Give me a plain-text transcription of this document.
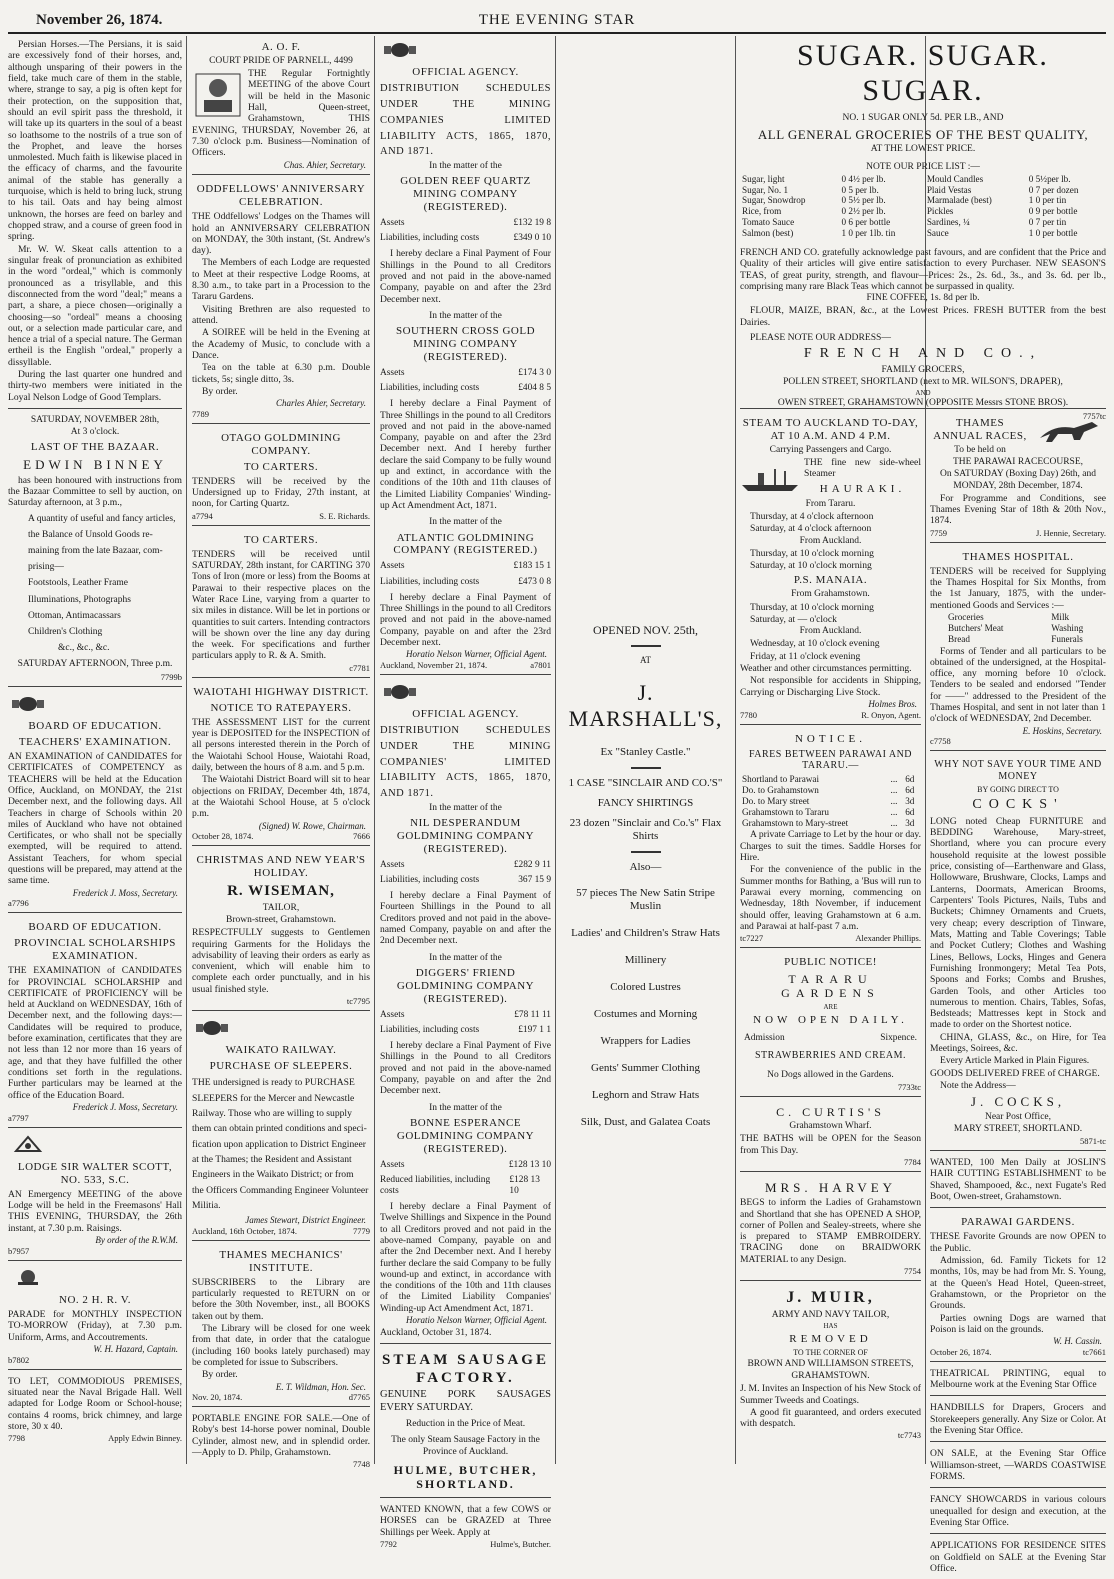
November 26, 1874.	THE EVENING STAR

Persian Horses.—The Persians, it is said are excessively fond of their horses, and, although unsparing of their powers in the field, take much care of them in the stable, where, strange to say, a pig is often kept for their protection, on the supposition that, should an evil spirit pass the threshold, it will take up its quarters in the soul of a beast so loathsome to the nostrils of a true son of the Prophet, and leave the horses unmolested. Much faith is likewise placed in the efficacy of charms, and the favourite animal of the stable has generally a turquoise, which is held to bring luck, strung to his tail. Oats and hay being almost unknown, the horses are feed on barley and chopped straw, and a course of green food in spring.

Mr. W. W. Skeat calls attention to a singular freak of pronunciation as exhibited in the word "ordeal," which is commonly pronounced as a trisyllable, and this disconnected from the word "deal;" means a part, a share, a piece chosen—originally a choosing—so "ordeal" means a choosing out, or a selection made particular care, and hence a trial of a special nature. The German ertheil is the English "ordeal," properly a dissyllable.

During the last quarter one hundred and thirty-two members were initiated in the Loyal Nelson Lodge of Good Templars.

SATURDAY, NOVEMBER 28th,
At 3 o'clock.
LAST OF THE BAZAAR.
EDWIN BINNEY

has been honoured with instructions from the Bazaar Committee to sell by auction, on Saturday afternoon, at 3 p.m.,

A quantity of useful and fancy articles,
the Balance of Unsold Goods re-
maining from the late Bazaar, com-
prising—
Footstools, Leather Frame
Illuminations, Photographs
Ottoman, Antimacassars
Children's Clothing
&c., &c., &c.
SATURDAY AFTERNOON, Three p.m.
7799b
BOARD OF EDUCATION.
TEACHERS' EXAMINATION.

AN EXAMINATION of CANDIDATES for CERTIFICATES of COMPETENCY as TEACHERS will be held at the Education Office, Auckland, on MONDAY, the 21st December next, and the following days. All Teachers in charge of Schools within 20 miles of Auckland who have not obtained Certificates, or who shall not be specially exempted, will be required to attend. Assistant Teachers, for whom special questions will be prepared, may attend at the same time.

Frederick J. Moss, Secretary.
a7796
BOARD OF EDUCATION.
PROVINCIAL SCHOLARSHIPS EXAMINATION.

THE EXAMINATION of CANDIDATES for PROVINCIAL SCHOLARSHIP and CERTIFICATE of PROFICIENCY will be held at Auckland on WEDNESDAY, 16th of December next, and the following days:—Candidates will be required to produce, before examination, certificates that they are not less than 12 nor more than 16 years of age, and that they have fulfilled the other conditions set forth in the regulations. Further particulars may be learned at the office of the Education Board.

Frederick J. Moss, Secretary.
a7797
LODGE SIR WALTER SCOTT, NO. 533, S.C.

AN Emergency MEETING of the above Lodge will be held in the Freemasons' Hall THIS EVENING, THURSDAY, the 26th instant, at 7.30 p.m. Raisings.

By order of the R.W.M.
b7957
NO. 2 H. R. V.

PARADE for MONTHLY INSPECTION TO-MORROW (Friday), at 7.30 p.m. Uniform, Arms, and Accoutrements.

W. H. Hazard, Captain.
b7802

TO LET, COMMODIOUS PREMISES, situated near the Naval Brigade Hall. Well adapted for Lodge Room or School-house; contains 4 rooms, brick chimney, and large store, 30 x 40.

7798	Apply Edwin Binney.
A. O. F.
COURT PRIDE OF PARNELL, 4499

THE Regular Fortnightly MEETING of the above Court will be held in the Masonic Hall, Queen-street, Grahamstown, THIS EVENING, THURSDAY, November 26, at 7.30 o'clock p.m. Business—Nomination of Officers.

Chas. Ahier, Secretary.
ODDFELLOWS' ANNIVERSARY CELEBRATION.

THE Oddfellows' Lodges on the Thames will hold an ANNIVERSARY CELEBRATION on MONDAY, the 30th instant, (St. Andrew's day).

The Members of each Lodge are requested to Meet at their respective Lodge Rooms, at 8.30 a.m., to take part in a Procession to the Tararu Gardens.

Visiting Brethren are also requested to attend.

A SOIREE will be held in the Evening at the Academy of Music, to conclude with a Dance.

Tea on the table at 6.30 p.m. Double tickets, 5s; single ditto, 3s.

By order.
Charles Ahier, Secretary.
7789
OTAGO GOLDMINING COMPANY.
TO CARTERS.

TENDERS will be received by the Undersigned up to Friday, 27th instant, at noon, for Carting Quartz.

a7794	S. E. Richards.
TO CARTERS.

TENDERS will be received until SATURDAY, 28th instant, for CARTING 370 Tons of Iron (more or less) from the Booms at Parawai to their respective places on the Water Race Line, varying from a quarter to six miles in distance. Will be let in portions or quantities to suit carters. Intending contractors will be shown over the line any day during the week. For specifications and further particulars apply to R. & A. Smith.

c7781
WAIOTAHI HIGHWAY DISTRICT.
NOTICE TO RATEPAYERS.

THE ASSESSMENT LIST for the current year is DEPOSITED for the INSPECTION of all persons interested therein in the Porch of the Waiotahi School House, Waiotahi Road, daily, between the hours of 8 a.m. and 5 p.m.

The Waiotahi District Board will sit to hear objections on FRIDAY, December 4th, 1874, at the Waiotahi School House, at 5 o'clock p.m.

(Signed) W. Rowe, Chairman.
October 28, 1874.	7666
CHRISTMAS AND NEW YEAR'S HOLIDAY.
R. WISEMAN,
TAILOR,
Brown-street, Grahamstown.

RESPECTFULLY suggests to Gentlemen requiring Garments for the Holidays the advisability of leaving their orders as early as convenient, which will enable him to complete each order punctually, and in his usual finished style.

tc7795
WAIKATO RAILWAY.
PURCHASE OF SLEEPERS.
THE undersigned is ready to PURCHASE
SLEEPERS for the Mercer and Newcastle
Railway. Those who are willing to supply
them can obtain printed conditions and speci-
fication upon application to District Engineer
at the Thames; the Resident and Assistant
Engineers in the Waikato District; or from
the Officers Commanding Engineer Volunteer
Militia.
James Stewart, District Engineer.
Auckland, 16th October, 1874.	7779
THAMES MECHANICS' INSTITUTE.

SUBSCRIBERS to the Library are particularly requested to RETURN on or before the 30th November, inst., all BOOKS taken out by them.

The Library will be closed for one week from that date, in order that the catalogue (including 160 books lately purchased) may be completed for issue to Subscribers.

By order.
E. T. Wildman, Hon. Sec.
Nov. 20, 1874.	d7765

PORTABLE ENGINE FOR SALE.—One of Roby's best 14-horse power nominal, Double Cylinder, almost new, and in splendid order.—Apply to D. Philp, Grahamstown.

7748
OFFICIAL AGENCY.

DISTRIBUTION SCHEDULES UNDER THE MINING COMPANIES LIMITED LIABILITY ACTS, 1865, 1870, AND 1871.

In the matter of the
GOLDEN REEF QUARTZ MINING COMPANY (REGISTERED).
Assets	£132 19 8
Liabilities, including costs	£349 0 10

I hereby declare a Final Payment of Four Shillings in the Pound to all Creditors proved and not paid in the above-named Company, payable on and after the 23rd December next.

In the matter of the
SOUTHERN CROSS GOLD MINING COMPANY (REGISTERED).
Assets	£174 3 0
Liabilities, including costs	£404 8 5

I hereby declare a Final Payment of Three Shillings in the pound to all Creditors proved and not paid in the above-named Company, payable on and after the 23rd December next. And I hereby further declare the said Company to be fully wound up and extinct, in accordance with the conditions of the 10th and 11th clauses of the Limited Liability Companies' Winding-up Act Amendment Act, 1871.

In the matter of the
ATLANTIC GOLDMINING COMPANY (REGISTERED.)
Assets	£183 15 1
Liabilities, including costs	£473 0 8

I hereby declare a Final Payment of Three Shillings in the pound to all Creditors proved and not paid in the above-named Company, payable on and after the 23rd December next.

Horatio Nelson Warner, Official Agent.
Auckland, November 21, 1874.	a7801
OFFICIAL AGENCY.

DISTRIBUTION SCHEDULES UNDER THE MINING COMPANIES' LIMITED LIABILITY ACTS, 1865, 1870, AND 1871.

In the matter of the
NIL DESPERANDUM GOLDMINING COMPANY (REGISTERED).
Assets	£282 9 11
Liabilities, including costs	367 15 9

I hereby declare a Final Payment of Fourteen Shillings in the Pound to all Creditors proved and not paid in the above-named Company, payable on and after the 2nd December next.

In the matter of the
DIGGERS' FRIEND GOLDMINING COMPANY (REGISTERED).
Assets	£78 11 11
Liabilities, including costs	£197 1 1

I hereby declare a Final Payment of Five Shillings in the Pound to all Creditors proved and not paid in the above-named Company, payable on and after the 2nd December next.

In the matter of the
BONNE ESPERANCE GOLDMINING COMPANY (REGISTERED).
Assets	£128 13 10
Reduced liabilities, including costs
£128 13 10

I hereby declare a Final Payment of Twelve Shillings and Sixpence in the Pound to all Creditors proved and not paid in the above-named Company, payable on and after the 2nd December next. And I hereby further declare the said Company to be fully wound-up and extinct, in accordance with the conditions of the 10th and 11th clauses of the Limited Liability Companies' Winding-up Act Amendment Act, 1871.

Horatio Nelson Warner, Official Agent.
Auckland, October 31, 1874.
STEAM SAUSAGE FACTORY.

GENUINE PORK SAUSAGES EVERY SATURDAY.

Reduction in the Price of Meat.
The only Steam Sausage Factory in the Province of Auckland.
HULME, BUTCHER, SHORTLAND.

WANTED KNOWN, that a few COWS or HORSES can be GRAZED at Three Shillings per Week. Apply at

7792	Hulme's, Butcher.
OPENED NOV. 25th,
AT
J. MARSHALL'S,
Ex "Stanley Castle."
1 CASE "SINCLAIR AND CO.'S"
FANCY SHIRTINGS
23 dozen "Sinclair and Co.'s" Flax Shirts
Also—
57 pieces The New Satin Stripe Muslin
Ladies' and Children's Straw Hats
Millinery
Colored Lustres
Costumes and Morning
Wrappers for Ladies
Gents' Summer Clothing
Leghorn and Straw Hats
Silk, Dust, and Galatea Coats
SUGAR. SUGAR. SUGAR.
NO. 1 SUGAR ONLY 5d. PER LB., AND
ALL GENERAL GROCERIES OF THE BEST QUALITY,
AT THE LOWEST PRICE.
NOTE OUR PRICE LIST :—
Sugar, light	0 4½ per lb.	Mould Candles	0 5½per lb.
Sugar, No. 1	0 5 per lb.	Plaid Vestas	0 7 per dozen
Sugar, Snowdrop	0 5½ per lb.	Marmalade (best)	1 0 per tin
Rice, from	0 2½ per lb.	Pickles	0 9 per bottle
Tomato Sauce	0 6 per bottle	Sardines, ¼	0 7 per tin
Salmon (best)	1 0 per 1lb. tin	Sauce	1 0 per bottle

FRENCH AND CO. gratefully acknowledge past favours, and are confident that the Price and Quality of their articles will give entire satisfaction to every Purchaser. NEW SEASON'S TEAS, of great purity, strength, and flavour—Prices: 2s., 2s. 6d., 3s., and 3s. 6d. per lb., comprising many rare Black Teas which cannot be surpassed in quality.

FINE COFFEE, 1s. 8d per lb.

FLOUR, MAIZE, BRAN, &c., at the Lowest Prices. FRESH BUTTER from the best Dairies.

PLEASE NOTE OUR ADDRESS—
FRENCH AND CO.,
FAMILY GROCERS,
POLLEN STREET, SHORTLAND (next to MR. WILSON'S, DRAPER),
AND
OWEN STREET, GRAHAMSTOWN (OPPOSITE Messrs STONE BROS).
7757tc
STEAM TO AUCKLAND TO-DAY, AT 10 A.M. AND 4 P.M.
Carrying Passengers and Cargo.
THE fine new side-wheel Steamer
HAURAKI.
From Tararu.
Thursday, at 4 o'clock afternoon
Saturday, at 4 o'clock afternoon
From Auckland.
Thursday, at 10 o'clock morning
Saturday, at 10 o'clock morning
P.S. MANAIA.
From Grahamstown.
Thursday, at 10 o'clock morning
Saturday, at — o'clock
From Auckland.
Wednesday, at 10 o'clock evening
Friday, at 11 o'clock evening
Weather and other circumstances permitting.
Not responsible for accidents in Shipping, Carrying or Discharging Live Stock.
Holmes Bros.
7780	R. Onyon, Agent.
NOTICE.
FARES BETWEEN PARAWAI AND TARARU.—
Shortland to Parawai	...	6d
Do. to Grahamstown	...	6d
Do. to Mary street	...	3d
Grahamstown to Tararu	...	6d
Grahamstown to Mary-street	...	3d

A private Carriage to Let by the hour or day. Charges to suit the times. Saddle Horses for Hire.

For the convenience of the public in the Summer months for Bathing, a 'Bus will run to Parawai every morning, commencing on Wednesday, 18th November, if inducement should offer, leaving Grahamstown at 6 a.m. and Parawai at half-past 7 a.m.

tc7227	Alexander Phillips.
PUBLIC NOTICE!
TARARU GARDENS
ARE
NOW OPEN DAILY.
Admission	Sixpence.
STRAWBERRIES AND CREAM.
No Dogs allowed in the Gardens.
7733tc
C. CURTIS'S
Grahamstown Wharf.

THE BATHS will be OPEN for the Season from This Day.

7784
MRS. HARVEY

BEGS to inform the Ladies of Grahamstown and Shortland that she has OPENED A SHOP, corner of Pollen and Sealey-streets, where she is prepared to STAMP EMBROIDERY. TRACING done on BRAIDWORK MATERIAL to any Design.

7754
J. MUIR,
ARMY AND NAVY TAILOR,
HAS
REMOVED
TO THE CORNER OF
BROWN AND WILLIAMSON STREETS,
GRAHAMSTOWN.

J. M. Invites an Inspection of his New Stock of Summer Tweeds and Coatings.

A good fit guaranteed, and orders executed with despatch.

tc7743
THAMES ANNUAL RACES,
To be held on
THE PARAWAI RACECOURSE,
On SATURDAY (Boxing Day) 26th, and MONDAY, 28th December, 1874.

For Programme and Conditions, see Thames Evening Star of 18th & 20th Nov., 1874.

7759	J. Hennie, Secretary.
THAMES HOSPITAL.

TENDERS will be received for Supplying the Thames Hospital for Six Months, from the 1st January, 1875, with the under-mentioned Goods and Services :—

Groceries	Milk
Butchers' Meat	Washing
Bread	Funerals

Forms of Tender and all particulars to be obtained of the undersigned, at the Hospital-office, any morning before 10 o'clock. Tenders to be sealed and endorsed "Tender for ——" addressed to the President of the Thames Hospital, and sent in not later than 1 o'clock of WEDNESDAY, 2nd December.

E. Hoskins, Secretary.
c7758
WHY NOT SAVE YOUR TIME AND MONEY
BY GOING DIRECT TO
COCKS'

LONG noted Cheap FURNITURE and BEDDING Warehouse, Mary-street, Shortland, where you can procure every household requisite at the lowest possible price, consisting of—Earthenware and Glass, Hollowware, Brushware, Clocks, Lamps and Lanterns, Doormats, American Brooms, Carpenters' Tools Pictures, Nails, Tubs and Buckets; Chimney Ornaments and Cruets, very cheap; every description of Tinware, Mats, Matting and Table Coverings; Table and Pocket Cutlery; Clothes and Washing Lines, Bellows, Locks, Hinges and Genera Furnishing Ironmongery; Metal Tea Pots, Spoons and Forks; Combs and Brushes, Garden Tools, and other Articles too numerous to mention. Chairs, Tables, Sofas, Bedsteads; Mattresses kept in Stock and made to order on the Shortest notice.

CHINA, GLASS, &c., on Hire, for Tea Meetings, Soirees, &c.

Every Article Marked in Plain Figures.

GOODS DELIVERED FREE of CHARGE.
Note the Address—
J. COCKS,
Near Post Office,
MARY STREET, SHORTLAND.
5871-tc

WANTED, 100 Men Daily at JOSLIN'S HAIR CUTTING ESTABLISHMENT to be Shaved, Shampooed, &c., next Fugate's Red Boot, Owen-street, Grahamstown.

PARAWAI GARDENS.

THESE Favorite Grounds are now OPEN to the Public.

Admission, 6d. Family Tickets for 12 months, 10s, may be had from Mr. S. Young, at the Queen's Head Hotel, Queen-street, Grahamstown, or the Proprietor on the Grounds.

Parties owning Dogs are warned that Poison is laid on the grounds.

W. H. Cassin.
October 26, 1874.	tc7661

THEATRICAL PRINTING, equal to Melbourne work at the Evening Star Office

HANDBILLS for Drapers, Grocers and Storekeepers generally. Any Size or Color. At the Evening Star Office.

ON SALE, at the Evening Star Office Williamson-street, —WARDS COASTWISE FORMS.

FANCY SHOWCARDS in various colours unequalled for design and execution, at the Evening Star Office.

APPLICATIONS FOR RESIDENCE SITES on Goldfield on SALE at the Evening Star Office.
